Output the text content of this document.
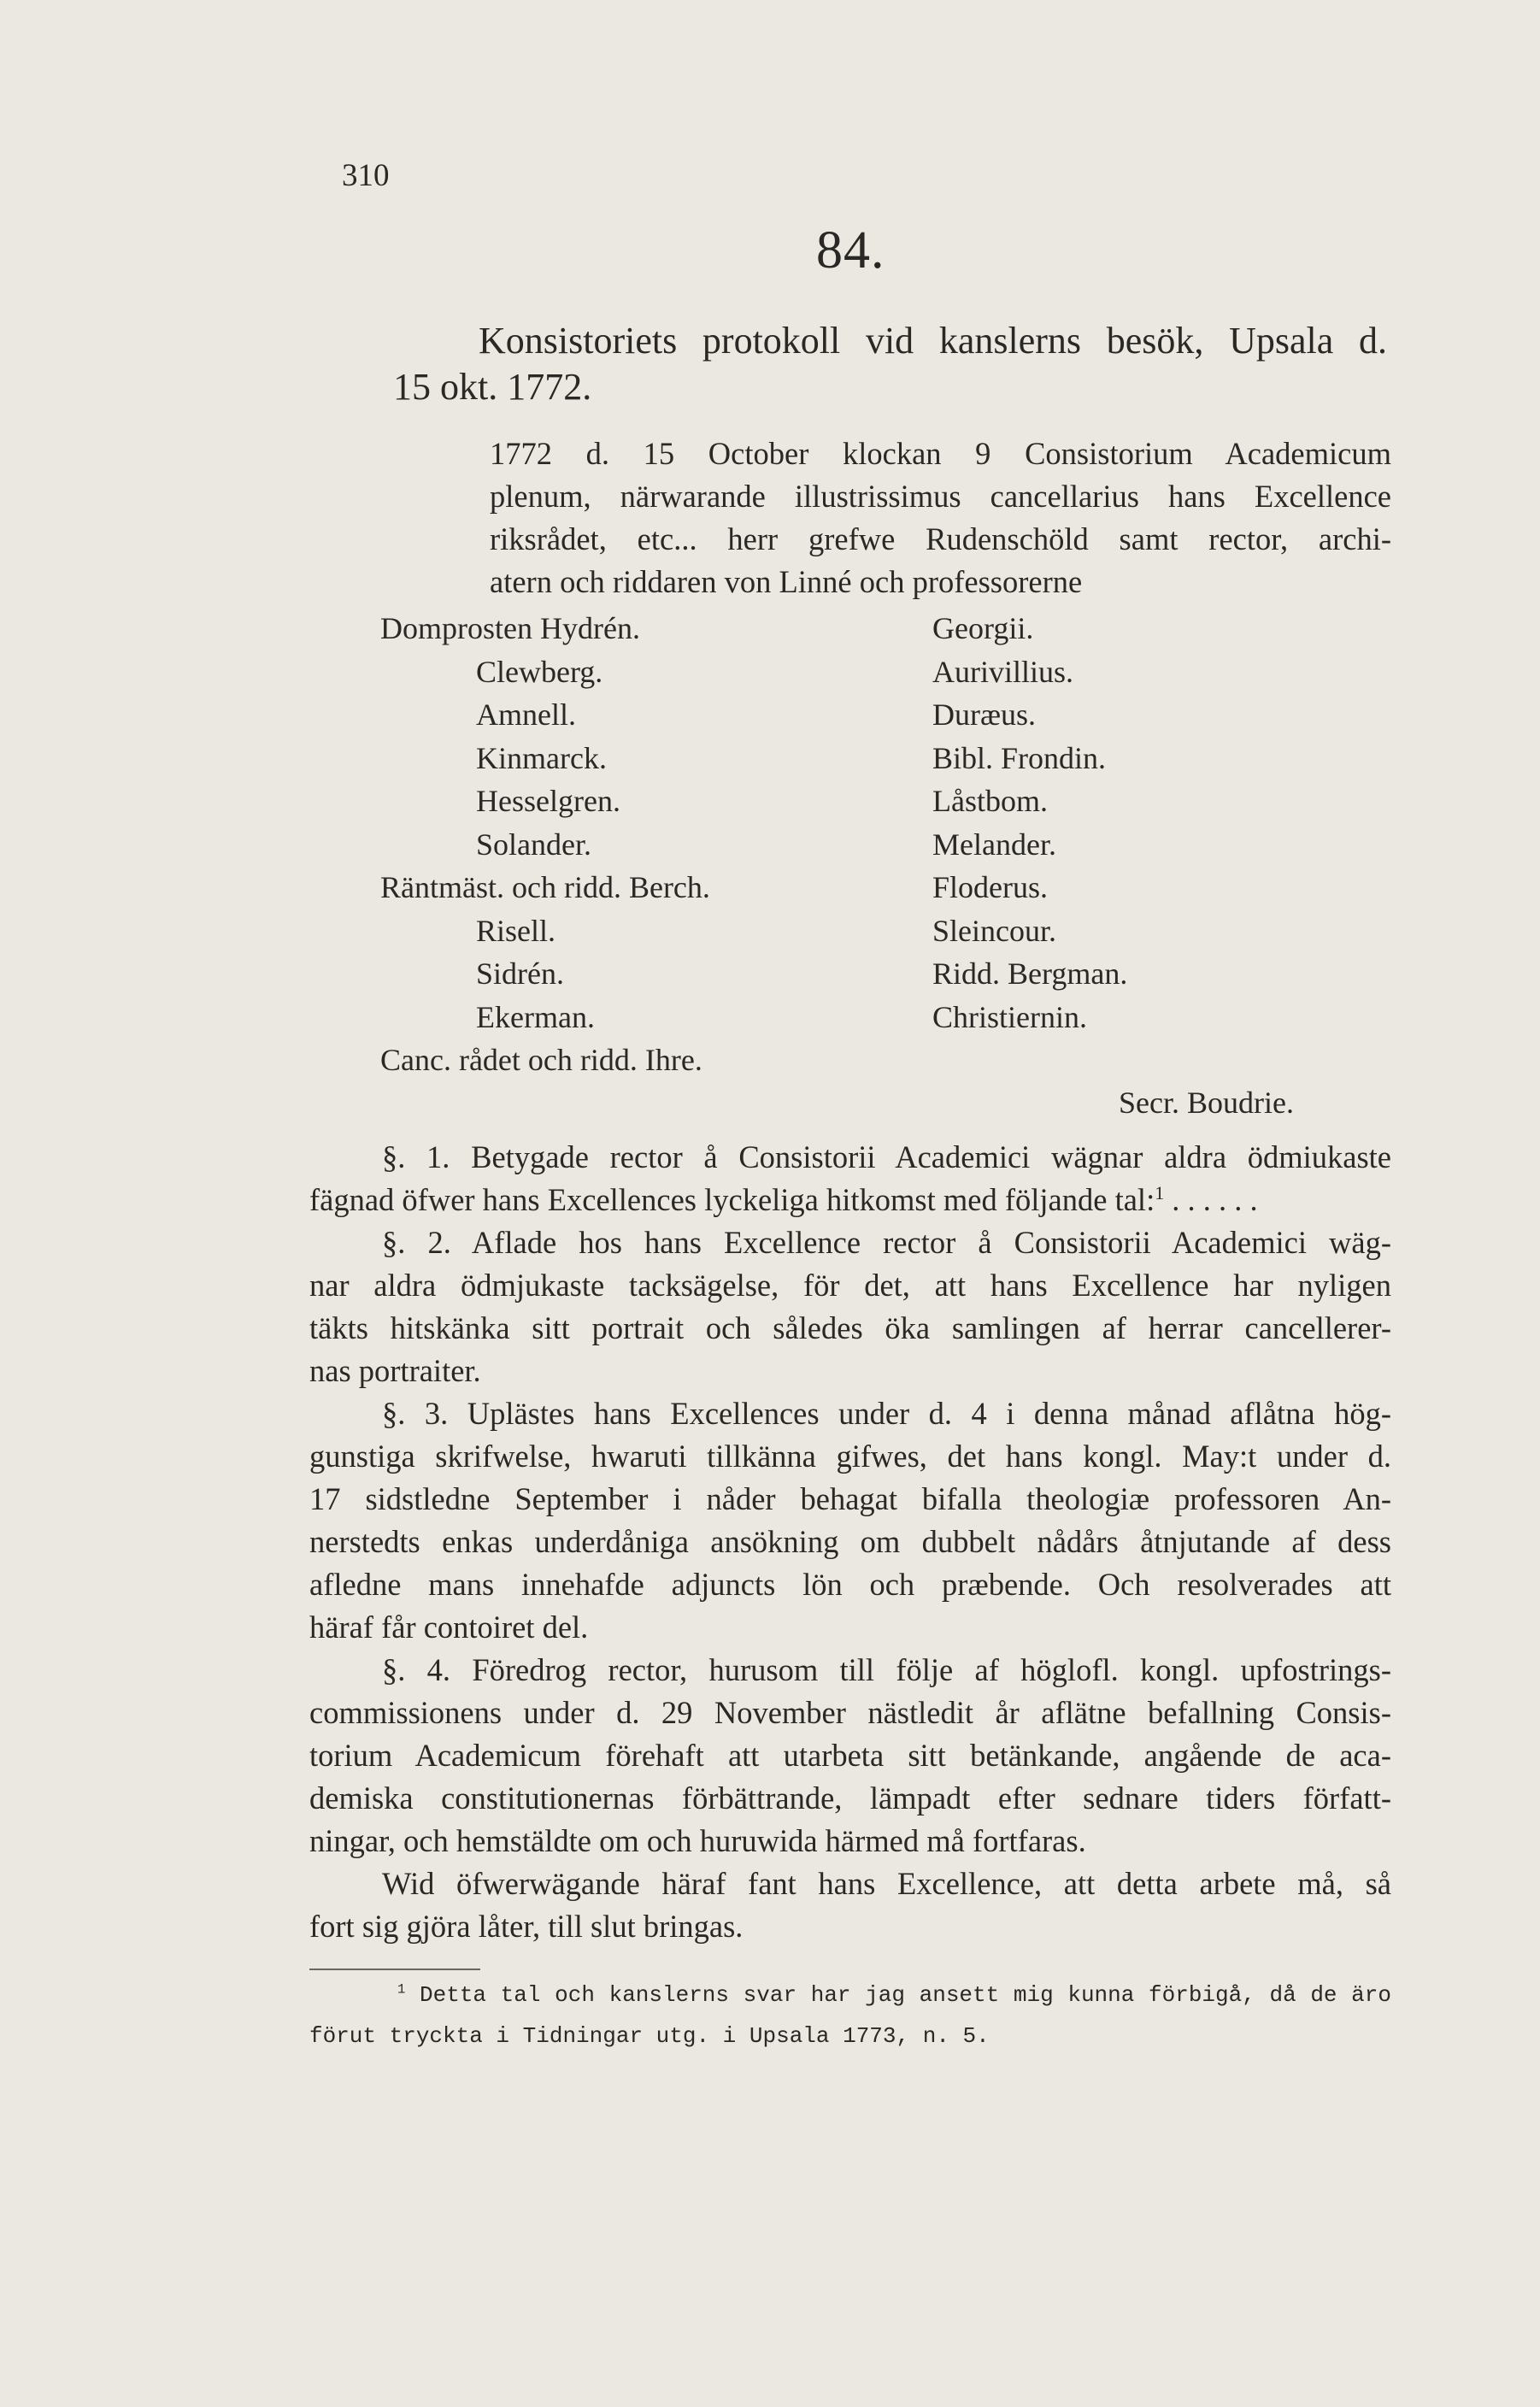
310
84.
Konsistoriets protokoll vid kanslerns besök, Upsala d.
15 okt. 1772.
1772 d. 15 October klockan 9 Consistorium Academicum
plenum, närwarande illustrissimus cancellarius hans Excellence
riksrådet, etc... herr grefwe Rudenschöld samt rector, archi-
atern och riddaren von Linné och professorerne
Domprosten Hydrén.
Clewberg.
Amnell.
Kinmarck.
Hesselgren.
Solander.
Räntmäst. och ridd. Berch.
Risell.
Sidrén.
Ekerman.
Canc. rådet och ridd. Ihre.
Georgii.
Aurivillius.
Duræus.
Bibl. Frondin.
Låstbom.
Melander.
Floderus.
Sleincour.
Ridd. Bergman.
Christiernin.
Secr. Boudrie.
§. 1. Betygade rector å Consistorii Academici wägnar aldra ödmiukaste
fägnad öfwer hans Excellences lyckeliga hitkomst med följande tal:$^1$ . . . . . .
§. 2. Aflade hos hans Excellence rector å Consistorii Academici wäg-
nar aldra ödmjukaste tacksägelse, för det, att hans Excellence har nyligen
täkts hitskänka sitt portrait och således öka samlingen af herrar cancellerer-
nas portraiter.
§. 3. Uplästes hans Excellences under d. 4 i denna månad aflåtna hög-
gunstiga skrifwelse, hwaruti tillkänna gifwes, det hans kongl. May:t under d.
17 sidstledne September i nåder behagat bifalla theologiæ professoren An-
nerstedts enkas underdåniga ansökning om dubbelt nådårs åtnjutande af dess
afledne mans innehafde adjuncts lön och præbende. Och resolverades att
häraf får contoiret del.
§. 4. Föredrog rector, hurusom till följe af höglofl. kongl. upfostrings-
commissionens under d. 29 November nästledit år aflätne befallning Consis-
torium Academicum förehaft att utarbeta sitt betänkande, angående de aca-
demiska constitutionernas förbättrande, lämpadt efter sednare tiders författ-
ningar, och hemstäldte om och huruwida härmed må fortfaras.
Wid öfwerwägande häraf fant hans Excellence, att detta arbete må, så
fort sig gjöra låter, till slut bringas.
$^1$ Detta tal och kanslerns svar har jag ansett mig kunna förbigå, då de äro
förut tryckta i Tidningar utg. i Upsala 1773, n. 5.
